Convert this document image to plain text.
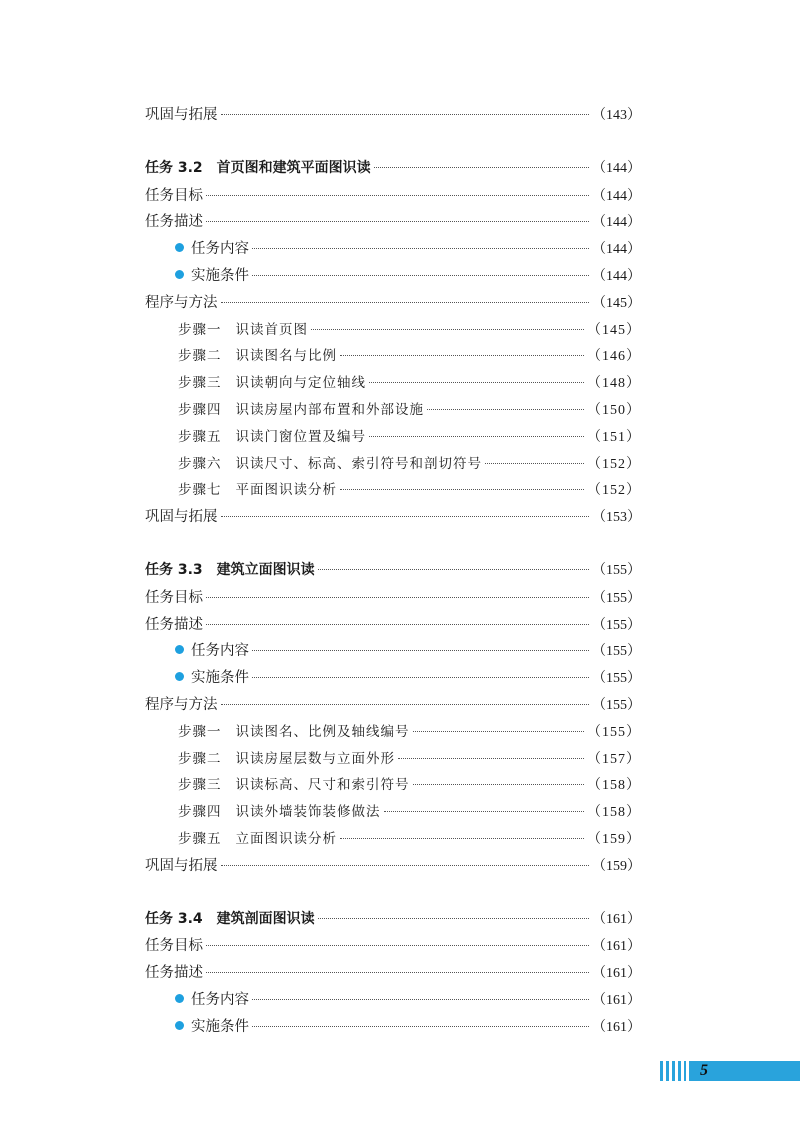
巩固与拓展	（143）
任务 3.2　首页图和建筑平面图识读	（144）
任务目标	（144）
任务描述	（144）
任务内容	（144）
实施条件	（144）
程序与方法	（145）
步骤一 识读首页图	（145）
步骤二 识读图名与比例	（146）
步骤三 识读朝向与定位轴线	（148）
步骤四 识读房屋内部布置和外部设施	（150）
步骤五 识读门窗位置及编号	（151）
步骤六 识读尺寸、标高、索引符号和剖切符号	（152）
步骤七 平面图识读分析	（152）
巩固与拓展	（153）
任务 3.3　建筑立面图识读	（155）
任务目标	（155）
任务描述	（155）
任务内容	（155）
实施条件	（155）
程序与方法	（155）
步骤一 识读图名、比例及轴线编号	（155）
步骤二 识读房屋层数与立面外形	（157）
步骤三 识读标高、尺寸和索引符号	（158）
步骤四 识读外墙装饰装修做法	（158）
步骤五 立面图识读分析	（159）
巩固与拓展	（159）
任务 3.4　建筑剖面图识读	（161）
任务目标	（161）
任务描述	（161）
任务内容	（161）
实施条件	（161）
5
